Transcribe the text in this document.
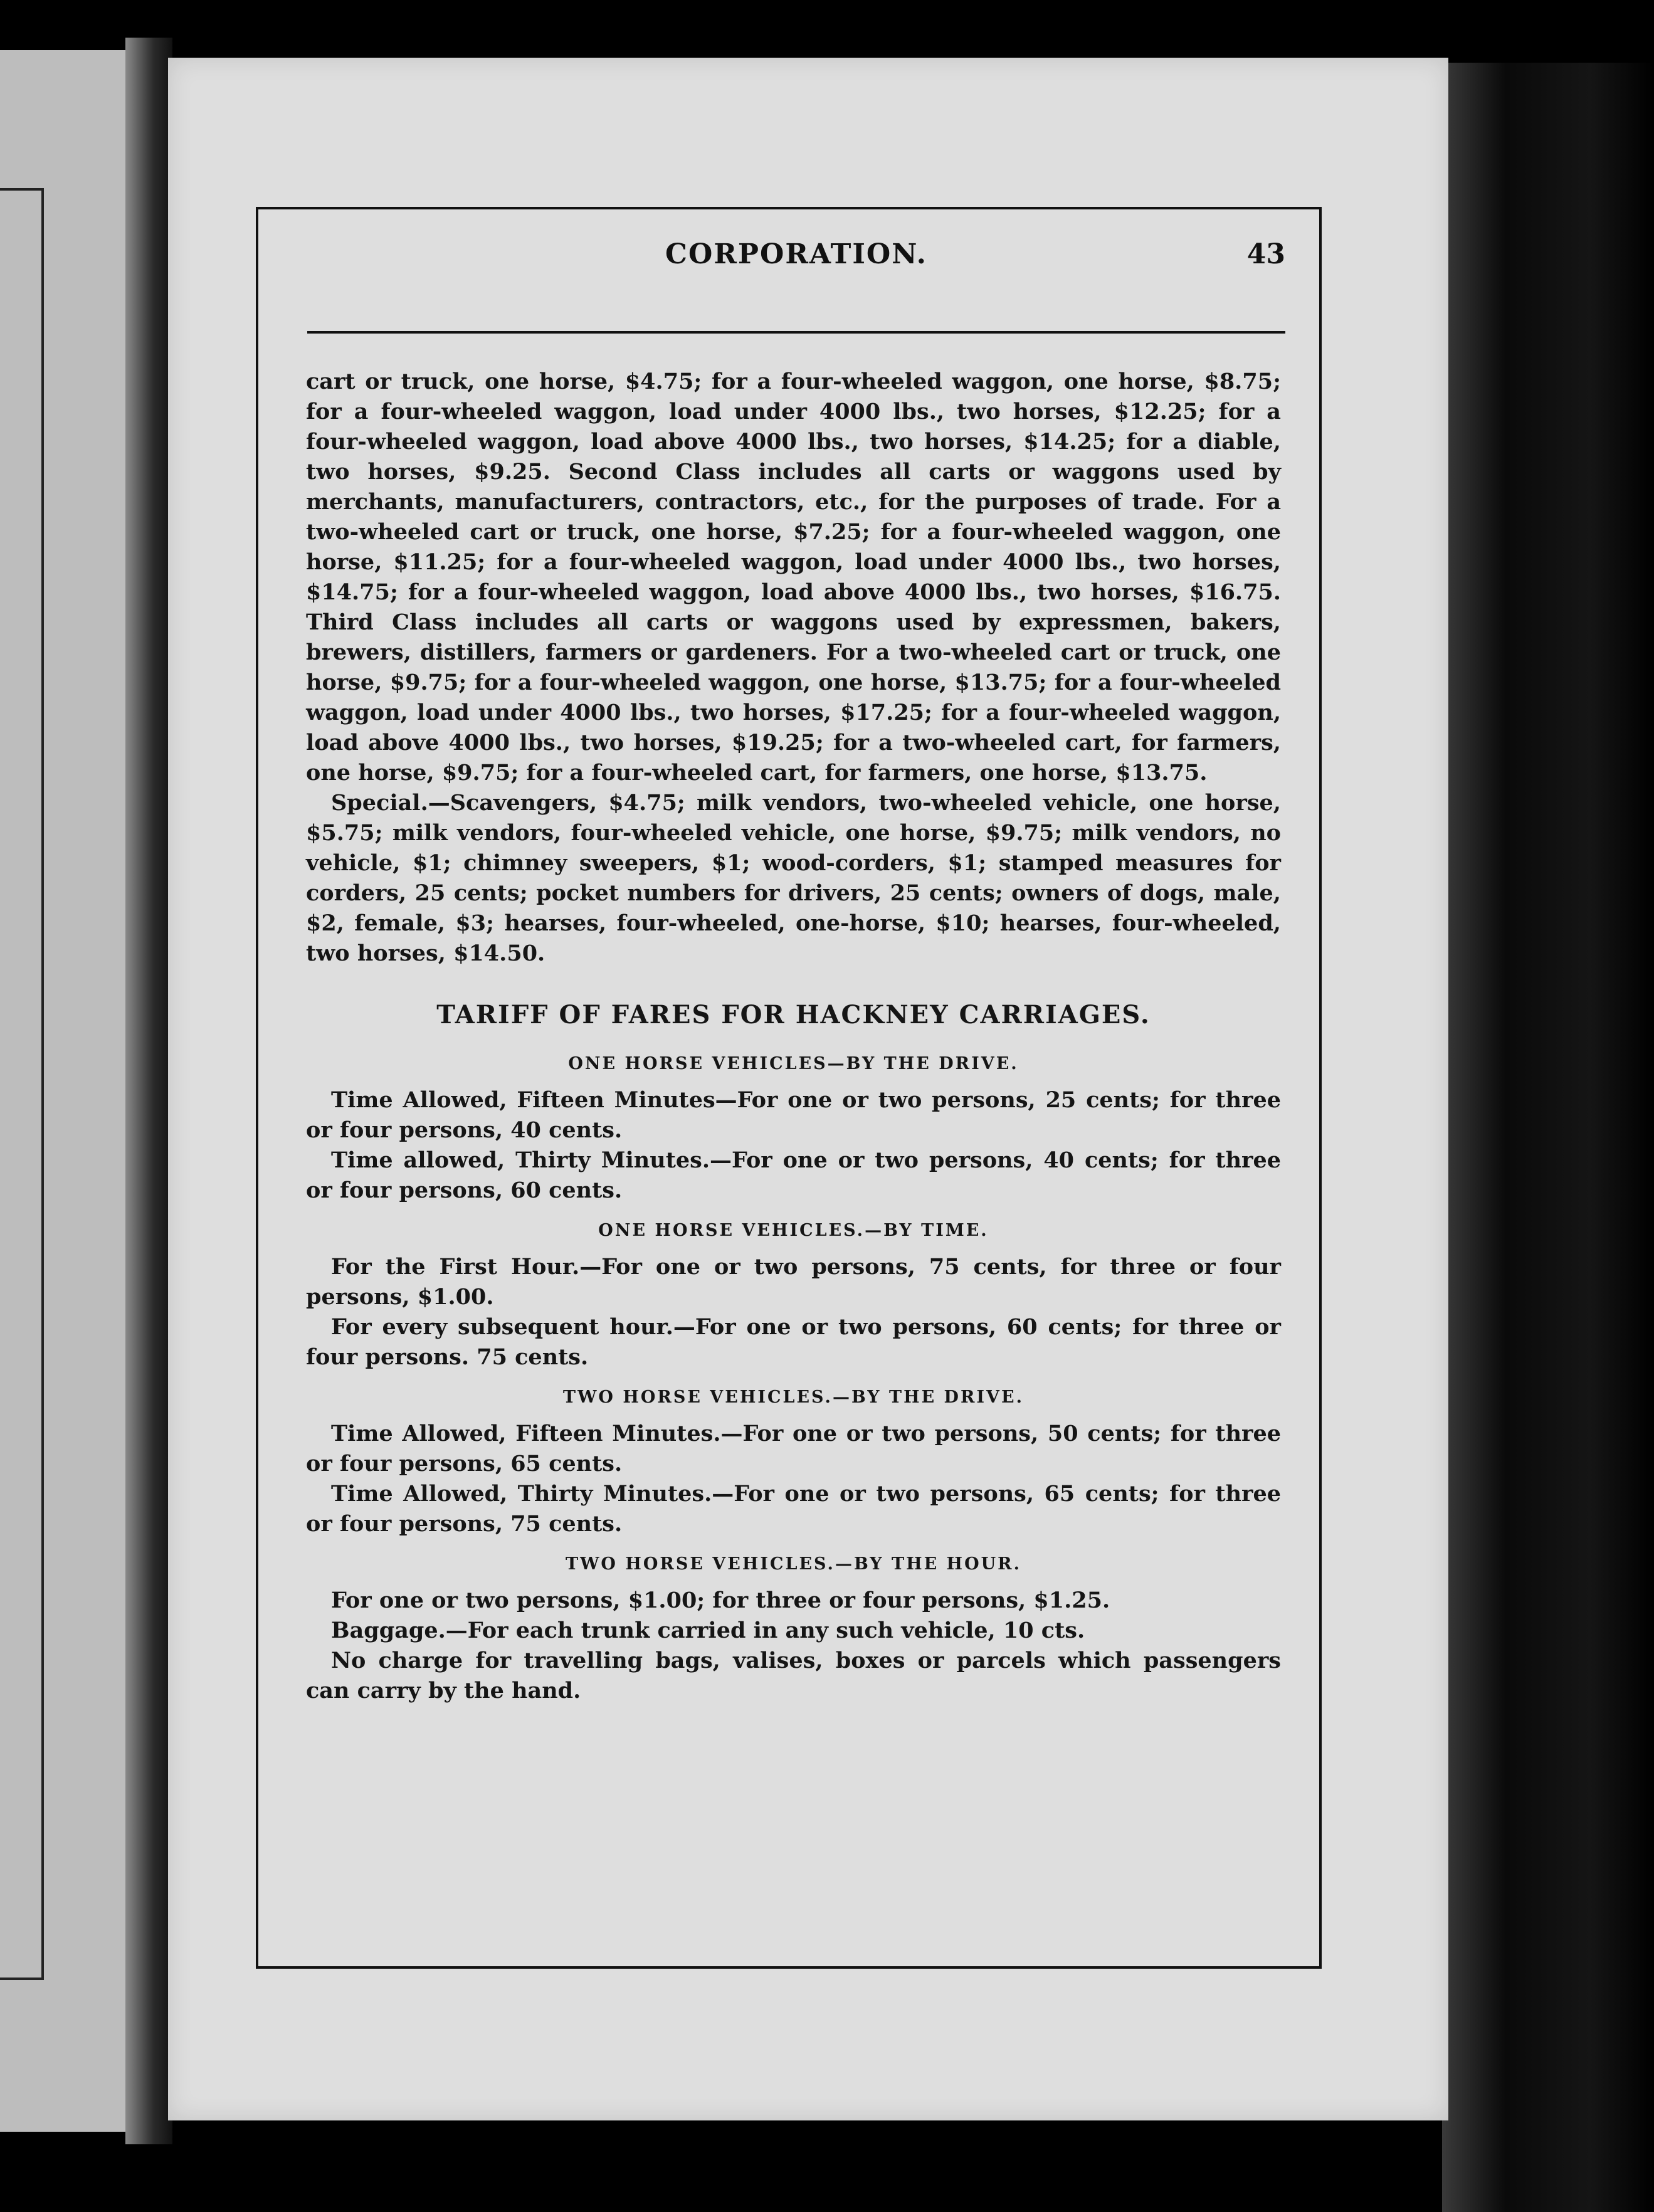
CORPORATION.	43

cart or truck, one horse, $4.75; for a four-wheeled waggon, one horse, $8.75; for a four-wheeled waggon, load under 4000 lbs., two horses, $12.25; for a four-wheeled waggon, load above 4000 lbs., two horses, $14.25; for a diable, two horses, $9.25. Second Class includes all carts or waggons used by merchants, manufacturers, contractors, etc., for the purposes of trade. For a two-wheeled cart or truck, one horse, $7.25; for a four-wheeled waggon, one horse, $11.25; for a four-wheeled waggon, load under 4000 lbs., two horses, $14.75; for a four-wheeled waggon, load above 4000 lbs., two horses, $16.75. Third Class includes all carts or waggons used by expressmen, bakers, brewers, distillers, farmers or gardeners. For a two-wheeled cart or truck, one horse, $9.75; for a four-wheeled waggon, one horse, $13.75; for a four-wheeled waggon, load under 4000 lbs., two horses, $17.25; for a four-wheeled waggon, load above 4000 lbs., two horses, $19.25; for a two-wheeled cart, for farmers, one horse, $9.75; for a four-wheeled cart, for farmers, one horse, $13.75.

Special.—Scavengers, $4.75; milk vendors, two-wheeled vehicle, one horse, $5.75; milk vendors, four-wheeled vehicle, one horse, $9.75; milk vendors, no vehicle, $1; chimney sweepers, $1; wood-corders, $1; stamped measures for corders, 25 cents; pocket numbers for drivers, 25 cents; owners of dogs, male, $2, female, $3; hearses, four-wheeled, one-horse, $10; hearses, four-wheeled, two horses, $14.50.

TARIFF OF FARES FOR HACKNEY CARRIAGES.
ONE HORSE VEHICLES—BY THE DRIVE.

Time Allowed, Fifteen Minutes—For one or two persons, 25 cents; for three or four persons, 40 cents.

Time allowed, Thirty Minutes.—For one or two persons, 40 cents; for three or four persons, 60 cents.

ONE HORSE VEHICLES.—BY TIME.

For the First Hour.—For one or two persons, 75 cents, for three or four persons, $1.00.

For every subsequent hour.—For one or two persons, 60 cents; for three or four persons. 75 cents.

TWO HORSE VEHICLES.—BY THE DRIVE.

Time Allowed, Fifteen Minutes.—For one or two persons, 50 cents; for three or four persons, 65 cents.

Time Allowed, Thirty Minutes.—For one or two persons, 65 cents; for three or four persons, 75 cents.

TWO HORSE VEHICLES.—BY THE HOUR.

For one or two persons, $1.00; for three or four persons, $1.25.

Baggage.—For each trunk carried in any such vehicle, 10 cts.

No charge for travelling bags, valises, boxes or parcels which passengers can carry by the hand.
